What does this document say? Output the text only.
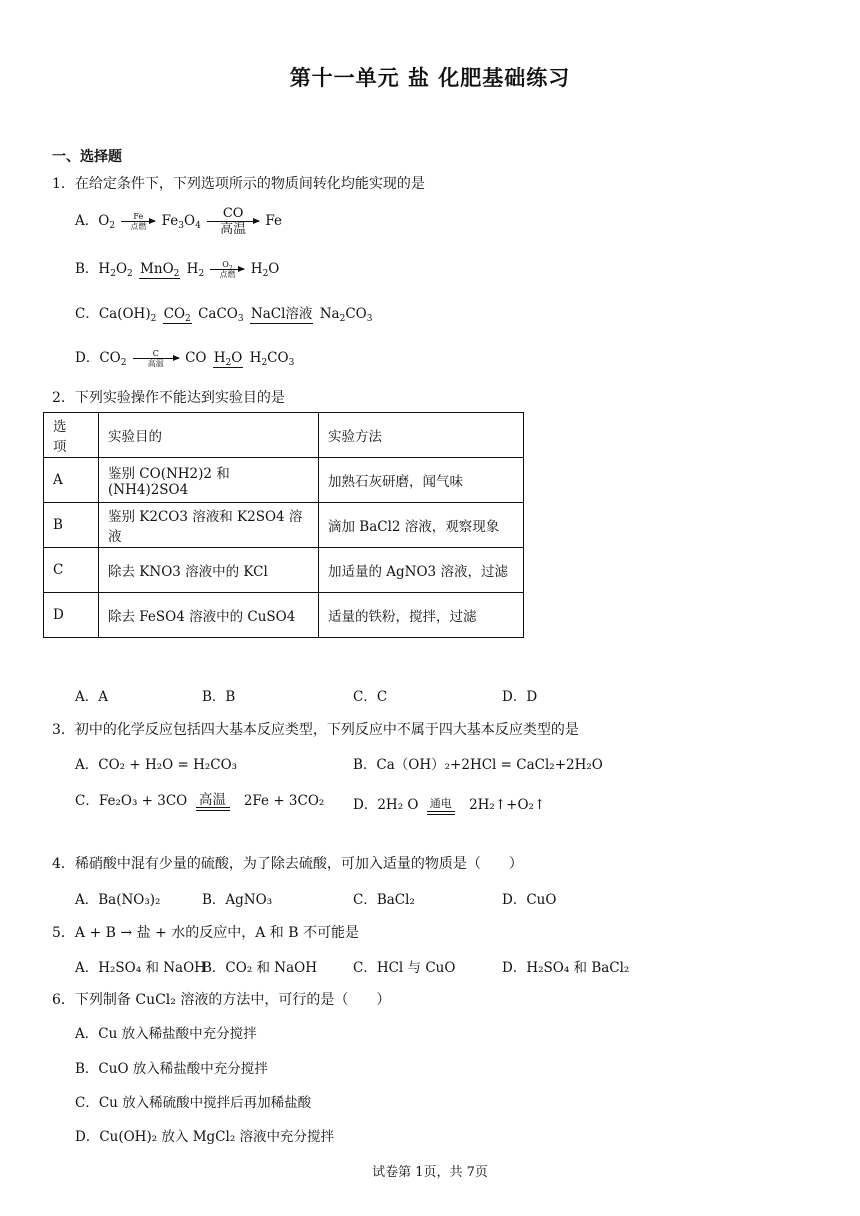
第十一单元 盐 化肥基础练习
一、选择题
1．在给定条件下，下列选项所示的物质间转化均能实现的是
A．$O_2$
Fe
点燃	$Fe_3O_4$
CO
高温
Fe
B．$H_2O_2$ MnO$_2$ $H_2$
$O_2$
点燃	$H_2O$
C．$Ca(OH)_2$ $CO_2$ CaCO$_3$ NaCl溶液 $Na_2CO_3$
D．$CO_2$
C
高温	CO $H_2O$ $H_2CO_3$
2．下列实验操作不能达到实验目的是
选　项	实验目的	实验方法
A	鉴别 CO(NH2)2 和(NH4)2SO4	加熟石灰研磨，闻气味
B	鉴别 K2CO3 溶液和 K2SO4 溶液	滴加 BaCl2 溶液，观察现象
C	除去 KNO3 溶液中的 KCl	加适量的 AgNO3 溶液，过滤
D	除去 FeSO4 溶液中的 CuSO4	适量的铁粉，搅拌，过滤
A．A	B．B	C．C	D．D
3．初中的化学反应包括四大基本反应类型，下列反应中不属于四大基本反应类型的是
A．CO₂ + H₂O = H₂CO₃	B．Ca（OH）₂+2HCl = CaCl₂+2H₂O
C．Fe₂O₃ + 3CO 高温 2Fe + 3CO₂ D．2H₂ O 通电 2H₂↑+O₂↑
4．稀硝酸中混有少量的硫酸，为了除去硫酸，可加入适量的物质是（　　）
A．Ba(NO₃)₂	B．AgNO₃	C．BaCl₂	D．CuO
5．A + B → 盐 + 水的反应中，A 和 B 不可能是
A．H₂SO₄ 和 NaOH
B．CO₂ 和 NaOH	C．HCl 与 CuO	D．H₂SO₄ 和 BaCl₂
6．下列制备 CuCl₂ 溶液的方法中，可行的是（　　）
A．Cu 放入稀盐酸中充分搅拌
B．CuO 放入稀盐酸中充分搅拌
C．Cu 放入稀硫酸中搅拌后再加稀盐酸
D．Cu(OH)₂ 放入 MgCl₂ 溶液中充分搅拌
试卷第 1页，共 7页
